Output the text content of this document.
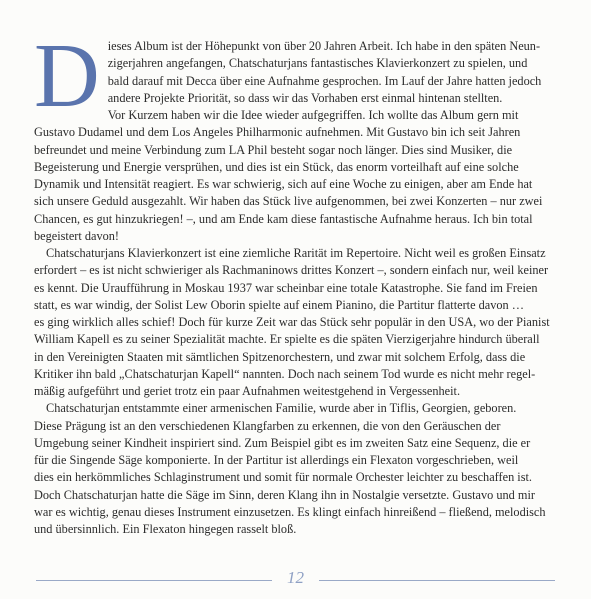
D ieses Album ist der Höhepunkt von über 20 Jahren Arbeit. Ich habe in den späten Neun-
zigerjahren angefangen, Chatschaturjans fantastisches Klavierkonzert zu spielen, und
bald darauf mit Decca über eine Aufnahme gesprochen. Im Lauf der Jahre hatten jedoch
andere Projekte Priorität, so dass wir das Vorhaben erst einmal hintenan stellten.
Vor Kurzem haben wir die Idee wieder aufgegriffen. Ich wollte das Album gern mit
Gustavo Dudamel und dem Los Angeles Philharmonic aufnehmen. Mit Gustavo bin ich seit Jahren
befreundet und meine Verbindung zum LA Phil besteht sogar noch länger. Dies sind Musiker, die
Begeisterung und Energie versprühen, und dies ist ein Stück, das enorm vorteilhaft auf eine solche
Dynamik und Intensität reagiert. Es war schwierig, sich auf eine Woche zu einigen, aber am Ende hat
sich unsere Geduld ausgezahlt. Wir haben das Stück live aufgenommen, bei zwei Konzerten – nur zwei
Chancen, es gut hinzukriegen! –, und am Ende kam diese fantastische Aufnahme heraus. Ich bin total
begeistert davon!
Chatschaturjans Klavierkonzert ist eine ziemliche Rarität im Repertoire. Nicht weil es großen Einsatz
erfordert – es ist nicht schwieriger als Rachmaninows drittes Konzert –, sondern einfach nur, weil keiner
es kennt. Die Uraufführung in Moskau 1937 war scheinbar eine totale Katastrophe. Sie fand im Freien
statt, es war windig, der Solist Lew Oborin spielte auf einem Pianino, die Partitur flatterte davon …
es ging wirklich alles schief! Doch für kurze Zeit war das Stück sehr populär in den USA, wo der Pianist
William Kapell es zu seiner Spezialität machte. Er spielte es die späten Vierzigerjahre hindurch überall
in den Vereinigten Staaten mit sämtlichen Spitzenorchestern, und zwar mit solchem Erfolg, dass die
Kritiker ihn bald „Chatschaturjan Kapell“ nannten. Doch nach seinem Tod wurde es nicht mehr regel-
mäßig aufgeführt und geriet trotz ein paar Aufnahmen weitestgehend in Vergessenheit.
Chatschaturjan entstammte einer armenischen Familie, wurde aber in Tiflis, Georgien, geboren.
Diese Prägung ist an den verschiedenen Klangfarben zu erkennen, die von den Geräuschen der
Umgebung seiner Kindheit inspiriert sind. Zum Beispiel gibt es im zweiten Satz eine Sequenz, die er
für die Singende Säge komponierte. In der Partitur ist allerdings ein Flexaton vorgeschrieben, weil
dies ein herkömmliches Schlaginstrument und somit für normale Orchester leichter zu beschaffen ist.
Doch Chatschaturjan hatte die Säge im Sinn, deren Klang ihn in Nostalgie versetzte. Gustavo und mir
war es wichtig, genau dieses Instrument einzusetzen. Es klingt einfach hinreißend – fließend, melodisch
und übersinnlich. Ein Flexaton hingegen rasselt bloß.
12
